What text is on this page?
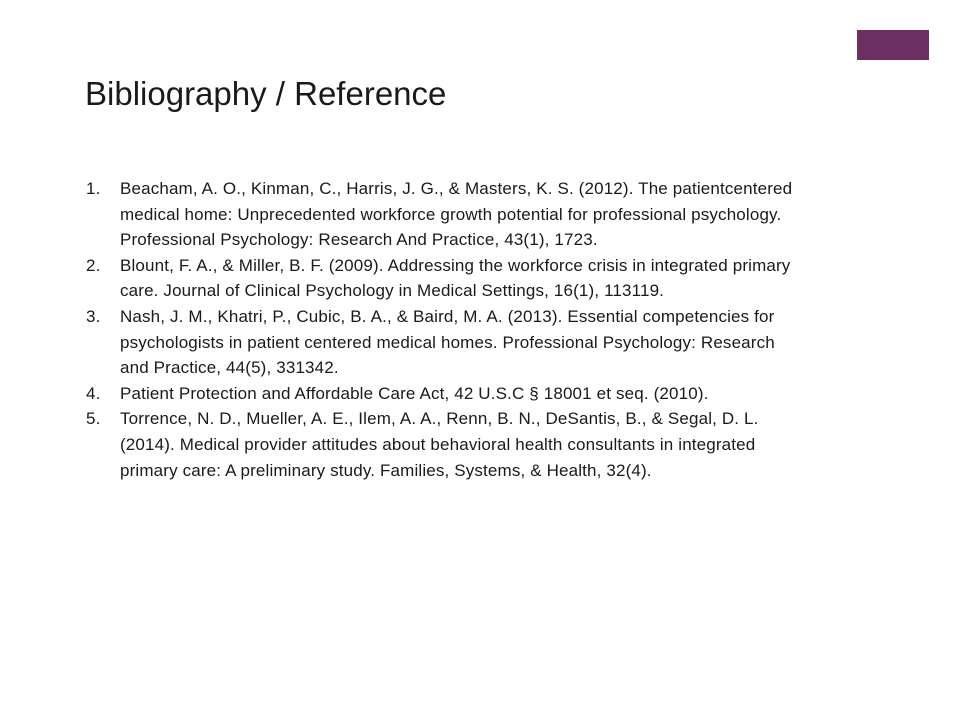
Bibliography / Reference
1. Beacham, A. O., Kinman, C., Harris, J. G., & Masters, K. S. (2012). The patientcentered medical home: Unprecedented workforce growth potential for professional psychology. Professional Psychology: Research And Practice, 43(1), 1723.
2. Blount, F. A., & Miller, B. F. (2009). Addressing the workforce crisis in integrated primary care. Journal of Clinical Psychology in Medical Settings, 16(1), 113119.
3. Nash, J. M., Khatri, P., Cubic, B. A., & Baird, M. A. (2013). Essential competencies for psychologists in patient centered medical homes. Professional Psychology: Research and Practice, 44(5), 331342.
4. Patient Protection and Affordable Care Act, 42 U.S.C § 18001 et seq. (2010).
5. Torrence, N. D., Mueller, A. E., Ilem, A. A., Renn, B. N., DeSantis, B., & Segal, D. L. (2014). Medical provider attitudes about behavioral health consultants in integrated primary care: A preliminary study. Families, Systems, & Health, 32(4).
